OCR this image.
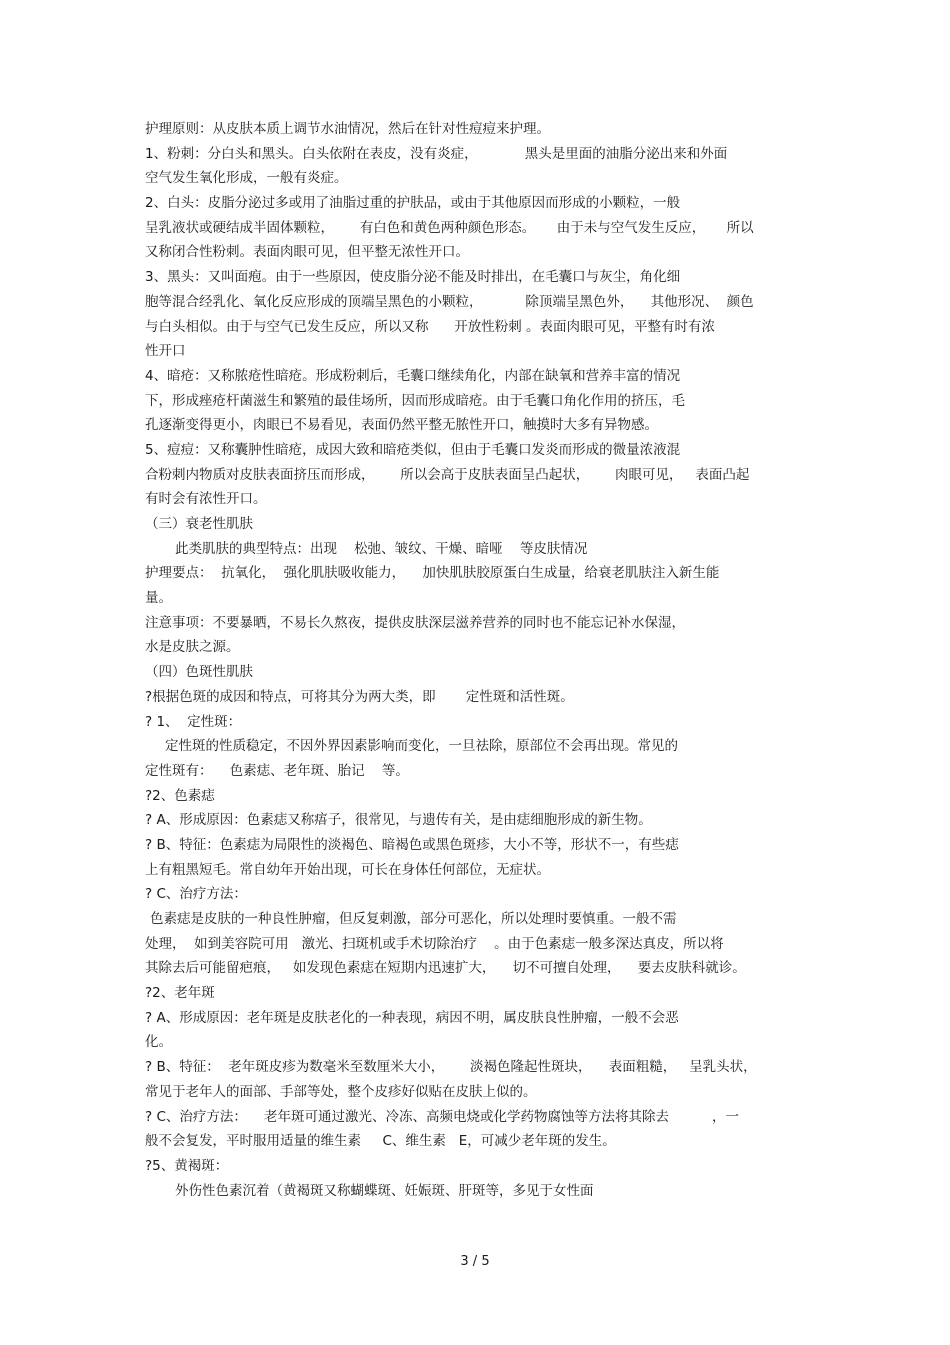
护理原则：从皮肤本质上调节水油情况，然后在针对性痘痘来护理。
1、粉刺：分白头和黑头。白头依附在表皮，没有炎症，           黑头是里面的油脂分泌出来和外面
空气发生氧化形成，一般有炎症。
2、白头：皮脂分泌过多或用了油脂过重的护肤品，或由于其他原因而形成的小颗粒，一般
呈乳液状或硬结成半固体颗粒，      有白色和黄色两种颜色形态。     由于未与空气发生反应，     所以
又称闭合性粉刺。表面肉眼可见，但平整无浓性开口。
3、黑头：又叫面疱。由于一些原因，使皮脂分泌不能及时排出，在毛囊口与灰尘，角化细
胞等混合经乳化、氧化反应形成的顶端呈黑色的小颗粒，          除顶端呈黑色外，    其他形况、  颜色
与白头相似。由于与空气已发生反应，所以又称      开放性粉刺 。表面肉眼可见，平整有时有浓
性开口
4、暗疮：又称脓疮性暗疮。形成粉刺后，毛囊口继续角化，内部在缺氧和营养丰富的情况
下，形成痤疮杆菌滋生和繁殖的最佳场所，因而形成暗疮。由于毛囊口角化作用的挤压，毛
孔逐渐变得更小，肉眼已不易看见，表面仍然平整无脓性开口，触摸时大多有异物感。
5、痘痘：又称囊肿性暗疮，成因大致和暗疮类似，但由于毛囊口发炎而形成的微量浓液混
合粉刺内物质对皮肤表面挤压而形成，      所以会高于皮肤表面呈凸起状，      肉眼可见，   表面凸起
有时会有浓性开口。
（三）衰老性肌肤
此类肌肤的典型特点：出现    松弛、皱纹、干燥、暗哑    等皮肤情况
护理要点：  抗氧化，  强化肌肤吸收能力，    加快肌肤胶原蛋白生成量，给衰老肌肤注入新生能
量。
注意事项：不要暴晒，不易长久熬夜，提供皮肤深层滋养营养的同时也不能忘记补水保湿，
水是皮肤之源。
（四）色斑性肌肤
?根据色斑的成因和特点，可将其分为两大类，即       定性斑和活性斑。
? 1、  定性斑：
定性斑的性质稳定，不因外界因素影响而变化，一旦祛除，原部位不会再出现。常见的
定性斑有：    色素痣、老年斑、胎记    等。
?2、色素痣
? A、形成原因：色素痣又称痦子，很常见，与遗传有关，是由痣细胞形成的新生物。
? B、特征：色素痣为局限性的淡褐色、暗褐色或黑色斑疹，大小不等，形状不一，有些痣
上有粗黑短毛。常自幼年开始出现，可长在身体任何部位，无症状。
? C、治疗方法：
色素痣是皮肤的一种良性肿瘤，但反复刺激，部分可恶化，所以处理时要慎重。一般不需
处理，  如到美容院可用   激光、扫斑机或手术切除治疗    。由于色素痣一般多深达真皮，所以将
其除去后可能留疤痕，   如发现色素痣在短期内迅速扩大，    切不可擅自处理，    要去皮肤科就诊。
?2、老年斑
? A、形成原因：老年斑是皮肤老化的一种表现，病因不明，属皮肤良性肿瘤，一般不会恶
化。
? B、特征：  老年斑皮疹为数毫米至数厘米大小，      淡褐色隆起性斑块，    表面粗糙，   呈乳头状，
常见于老年人的面部、手部等处，整个皮疹好似贴在皮肤上似的。
? C、治疗方法：    老年斑可通过激光、冷冻、高频电烧或化学药物腐蚀等方法将其除去          ，一
般不会复发，平时服用适量的维生素     C、维生素   E，可减少老年斑的发生。
?5、黄褐斑：
外伤性色素沉着（黄褐斑又称蝴蝶斑、妊娠斑、肝斑等，多见于女性面
3 / 5
